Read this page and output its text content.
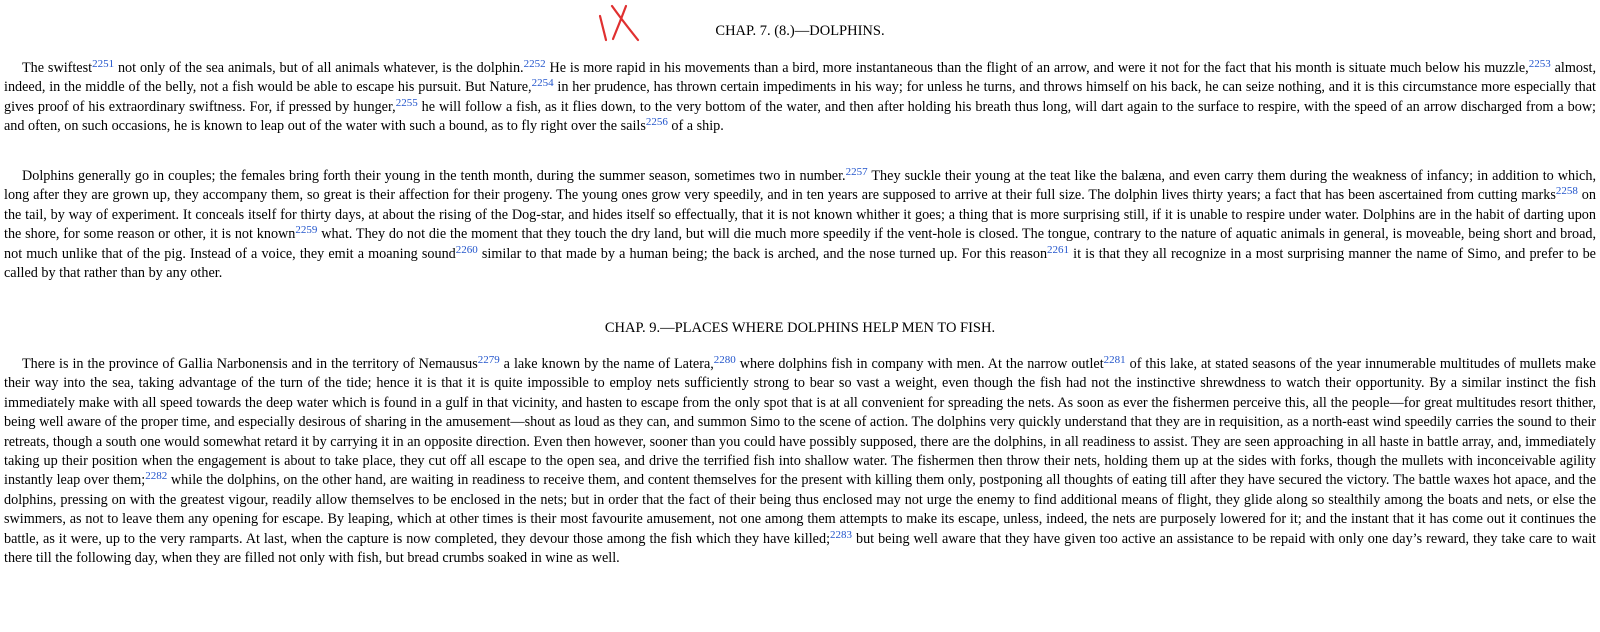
CHAP. 7. (8.)—DOLPHINS.

The swiftest$^{2251}$ not only of the sea animals, but of all animals whatever, is the dolphin.$^{2252}$ He is more rapid in his movements than a bird, more instantaneous than the flight of an arrow, and were it not for the fact that his month is situate much below his muzzle,$^{2253}$ almost, indeed, in the middle of the belly, not a fish would be able to escape his pursuit. But Nature,$^{2254}$ in her prudence, has thrown certain impediments in his way; for unless he turns, and throws himself on his back, he can seize nothing, and it is this circumstance more especially that gives proof of his extraordinary swiftness. For, if pressed by hunger,$^{2255}$ he will follow a fish, as it flies down, to the very bottom of the water, and then after holding his breath thus long, will dart again to the surface to respire, with the speed of an arrow discharged from a bow; and often, on such occasions, he is known to leap out of the water with such a bound, as to fly right over the sails$^{2256}$ of a ship.

Dolphins generally go in couples; the females bring forth their young in the tenth month, during the summer season, sometimes two in number.$^{2257}$ They suckle their young at the teat like the balæna, and even carry them during the weakness of infancy; in addition to which, long after they are grown up, they accompany them, so great is their affection for their progeny. The young ones grow very speedily, and in ten years are supposed to arrive at their full size. The dolphin lives thirty years; a fact that has been ascertained from cutting marks$^{2258}$ on the tail, by way of experiment. It conceals itself for thirty days, at about the rising of the Dog-star, and hides itself so effectually, that it is not known whither it goes; a thing that is more surprising still, if it is unable to respire under water. Dolphins are in the habit of darting upon the shore, for some reason or other, it is not known$^{2259}$ what. They do not die the moment that they touch the dry land, but will die much more speedily if the vent-hole is closed. The tongue, contrary to the nature of aquatic animals in general, is moveable, being short and broad, not much unlike that of the pig. Instead of a voice, they emit a moaning sound$^{2260}$ similar to that made by a human being; the back is arched, and the nose turned up. For this reason$^{2261}$ it is that they all recognize in a most surprising manner the name of Simo, and prefer to be called by that rather than by any other.

CHAP. 9.—PLACES WHERE DOLPHINS HELP MEN TO FISH.

There is in the province of Gallia Narbonensis and in the territory of Nemausus$^{2279}$ a lake known by the name of Latera,$^{2280}$ where dolphins fish in company with men. At the narrow outlet$^{2281}$ of this lake, at stated seasons of the year innumerable multitudes of mullets make their way into the sea, taking advantage of the turn of the tide; hence it is that it is quite impossible to employ nets sufficiently strong to bear so vast a weight, even though the fish had not the instinctive shrewdness to watch their opportunity. By a similar instinct the fish immediately make with all speed towards the deep water which is found in a gulf in that vicinity, and hasten to escape from the only spot that is at all convenient for spreading the nets. As soon as ever the fishermen perceive this, all the people—for great multitudes resort thither, being well aware of the proper time, and especially desirous of sharing in the amusement—shout as loud as they can, and summon Simo to the scene of action. The dolphins very quickly understand that they are in requisition, as a north-east wind speedily carries the sound to their retreats, though a south one would somewhat retard it by carrying it in an opposite direction. Even then however, sooner than you could have possibly supposed, there are the dolphins, in all readiness to assist. They are seen approaching in all haste in battle array, and, immediately taking up their position when the engagement is about to take place, they cut off all escape to the open sea, and drive the terrified fish into shallow water. The fishermen then throw their nets, holding them up at the sides with forks, though the mullets with inconceivable agility instantly leap over them;$^{2282}$ while the dolphins, on the other hand, are waiting in readiness to receive them, and content themselves for the present with killing them only, postponing all thoughts of eating till after they have secured the victory. The battle waxes hot apace, and the dolphins, pressing on with the greatest vigour, readily allow themselves to be enclosed in the nets; but in order that the fact of their being thus enclosed may not urge the enemy to find additional means of flight, they glide along so stealthily among the boats and nets, or else the swimmers, as not to leave them any opening for escape. By leaping, which at other times is their most favourite amusement, not one among them attempts to make its escape, unless, indeed, the nets are purposely lowered for it; and the instant that it has come out it continues the battle, as it were, up to the very ramparts. At last, when the capture is now completed, they devour those among the fish which they have killed;$^{2283}$ but being well aware that they have given too active an assistance to be repaid with only one day’s reward, they take care to wait there till the following day, when they are filled not only with fish, but bread crumbs soaked in wine as well.
